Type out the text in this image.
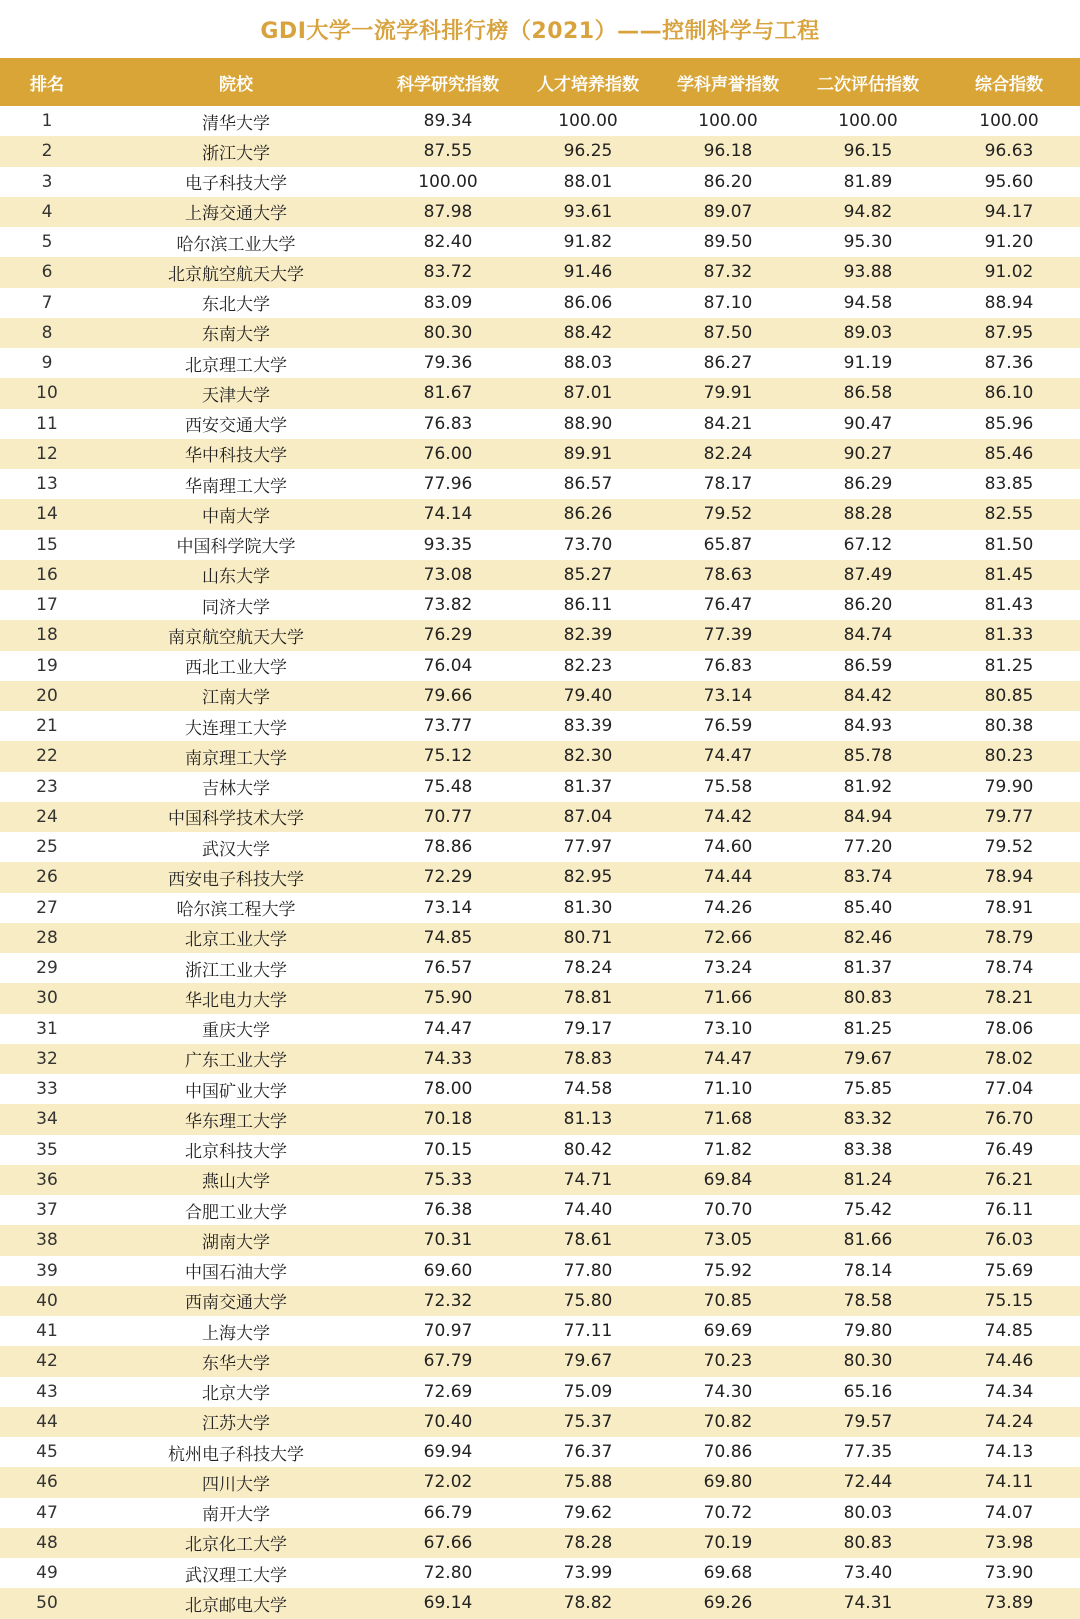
GDI大学一流学科排行榜（2021）——控制科学与工程
排名	院校	科学研究指数	人才培养指数	学科声誉指数	二次评估指数	综合指数
1	清华大学	89.34	100.00	100.00	100.00	100.00
2	浙江大学	87.55	96.25	96.18	96.15	96.63
3	电子科技大学	100.00	88.01	86.20	81.89	95.60
4	上海交通大学	87.98	93.61	89.07	94.82	94.17
5	哈尔滨工业大学	82.40	91.82	89.50	95.30	91.20
6	北京航空航天大学	83.72	91.46	87.32	93.88	91.02
7	东北大学	83.09	86.06	87.10	94.58	88.94
8	东南大学	80.30	88.42	87.50	89.03	87.95
9	北京理工大学	79.36	88.03	86.27	91.19	87.36
10	天津大学	81.67	87.01	79.91	86.58	86.10
11	西安交通大学	76.83	88.90	84.21	90.47	85.96
12	华中科技大学	76.00	89.91	82.24	90.27	85.46
13	华南理工大学	77.96	86.57	78.17	86.29	83.85
14	中南大学	74.14	86.26	79.52	88.28	82.55
15	中国科学院大学	93.35	73.70	65.87	67.12	81.50
16	山东大学	73.08	85.27	78.63	87.49	81.45
17	同济大学	73.82	86.11	76.47	86.20	81.43
18	南京航空航天大学	76.29	82.39	77.39	84.74	81.33
19	西北工业大学	76.04	82.23	76.83	86.59	81.25
20	江南大学	79.66	79.40	73.14	84.42	80.85
21	大连理工大学	73.77	83.39	76.59	84.93	80.38
22	南京理工大学	75.12	82.30	74.47	85.78	80.23
23	吉林大学	75.48	81.37	75.58	81.92	79.90
24	中国科学技术大学	70.77	87.04	74.42	84.94	79.77
25	武汉大学	78.86	77.97	74.60	77.20	79.52
26	西安电子科技大学	72.29	82.95	74.44	83.74	78.94
27	哈尔滨工程大学	73.14	81.30	74.26	85.40	78.91
28	北京工业大学	74.85	80.71	72.66	82.46	78.79
29	浙江工业大学	76.57	78.24	73.24	81.37	78.74
30	华北电力大学	75.90	78.81	71.66	80.83	78.21
31	重庆大学	74.47	79.17	73.10	81.25	78.06
32	广东工业大学	74.33	78.83	74.47	79.67	78.02
33	中国矿业大学	78.00	74.58	71.10	75.85	77.04
34	华东理工大学	70.18	81.13	71.68	83.32	76.70
35	北京科技大学	70.15	80.42	71.82	83.38	76.49
36	燕山大学	75.33	74.71	69.84	81.24	76.21
37	合肥工业大学	76.38	74.40	70.70	75.42	76.11
38	湖南大学	70.31	78.61	73.05	81.66	76.03
39	中国石油大学	69.60	77.80	75.92	78.14	75.69
40	西南交通大学	72.32	75.80	70.85	78.58	75.15
41	上海大学	70.97	77.11	69.69	79.80	74.85
42	东华大学	67.79	79.67	70.23	80.30	74.46
43	北京大学	72.69	75.09	74.30	65.16	74.34
44	江苏大学	70.40	75.37	70.82	79.57	74.24
45	杭州电子科技大学	69.94	76.37	70.86	77.35	74.13
46	四川大学	72.02	75.88	69.80	72.44	74.11
47	南开大学	66.79	79.62	70.72	80.03	74.07
48	北京化工大学	67.66	78.28	70.19	80.83	73.98
49	武汉理工大学	72.80	73.99	69.68	73.40	73.90
50	北京邮电大学	69.14	78.82	69.26	74.31	73.89
